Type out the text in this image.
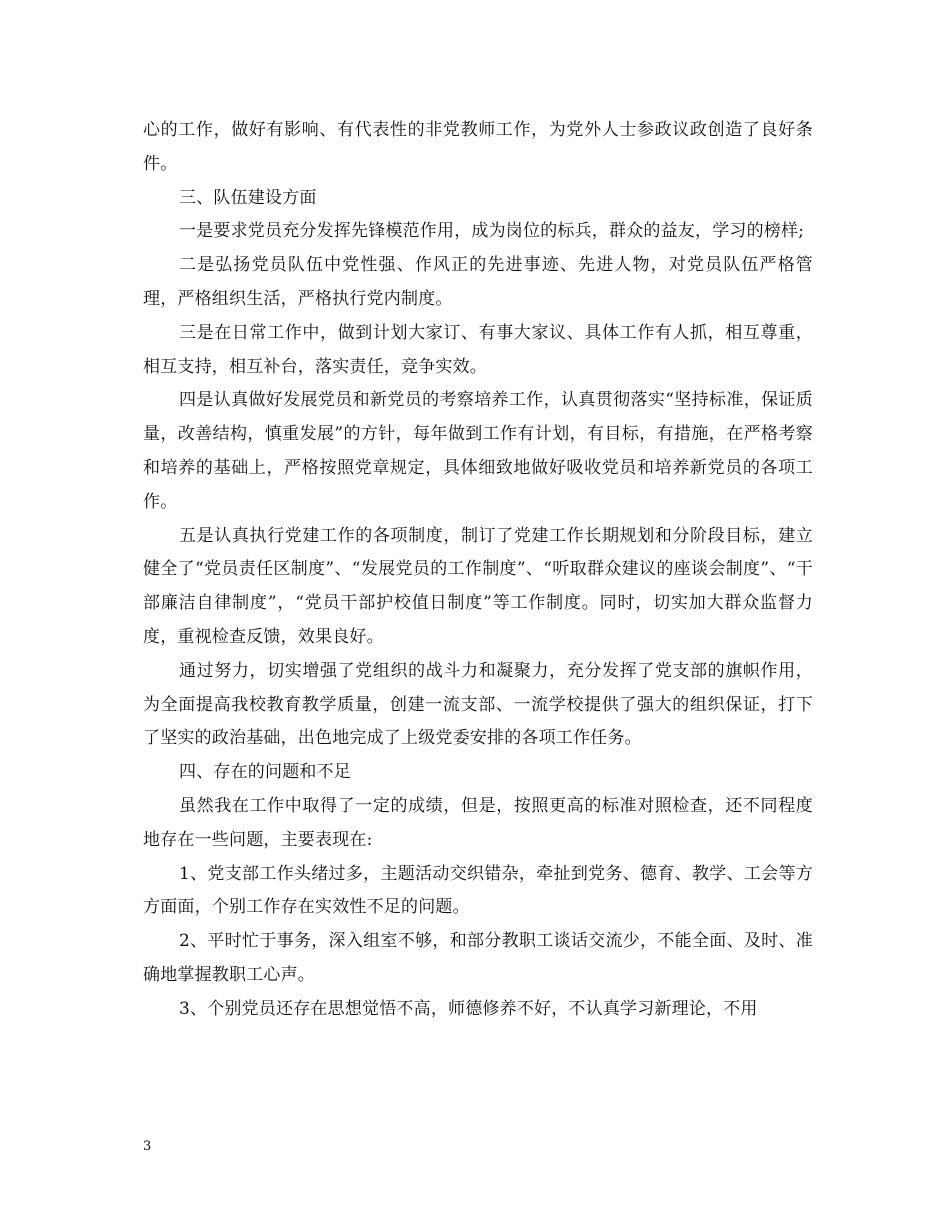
心的工作，做好有影响、有代表性的非党教师工作，为党外人士参政议政创造了良好条件。

三、队伍建设方面

一是要求党员充分发挥先锋模范作用，成为岗位的标兵，群众的益友，学习的榜样;

二是弘扬党员队伍中党性强、作风正的先进事迹、先进人物，对党员队伍严格管理，严格组织生活，严格执行党内制度。

三是在日常工作中，做到计划大家订、有事大家议、具体工作有人抓，相互尊重，相互支持，相互补台，落实责任，竞争实效。

四是认真做好发展党员和新党员的考察培养工作，认真贯彻落实“坚持标准，保证质量，改善结构，慎重发展”的方针，每年做到工作有计划，有目标，有措施，在严格考察和培养的基础上，严格按照党章规定，具体细致地做好吸收党员和培养新党员的各项工作。

五是认真执行党建工作的各项制度，制订了党建工作长期规划和分阶段目标，建立健全了“党员责任区制度”、“发展党员的工作制度”、“听取群众建议的座谈会制度”、“干部廉洁自律制度”，“党员干部护校值日制度”等工作制度。同时，切实加大群众监督力度，重视检查反馈，效果良好。

通过努力，切实增强了党组织的战斗力和凝聚力，充分发挥了党支部的旗帜作用，为全面提高我校教育教学质量，创建一流支部、一流学校提供了强大的组织保证，打下了坚实的政治基础，出色地完成了上级党委安排的各项工作任务。

四、存在的问题和不足

虽然我在工作中取得了一定的成绩，但是，按照更高的标准对照检查，还不同程度地存在一些问题，主要表现在:

1、党支部工作头绪过多，主题活动交织错杂，牵扯到党务、德育、教学、工会等方方面面，个别工作存在实效性不足的问题。

2、平时忙于事务，深入组室不够，和部分教职工谈话交流少，不能全面、及时、准确地掌握教职工心声。

3、个别党员还存在思想觉悟不高，师德修养不好，不认真学习新理论，不用

3
